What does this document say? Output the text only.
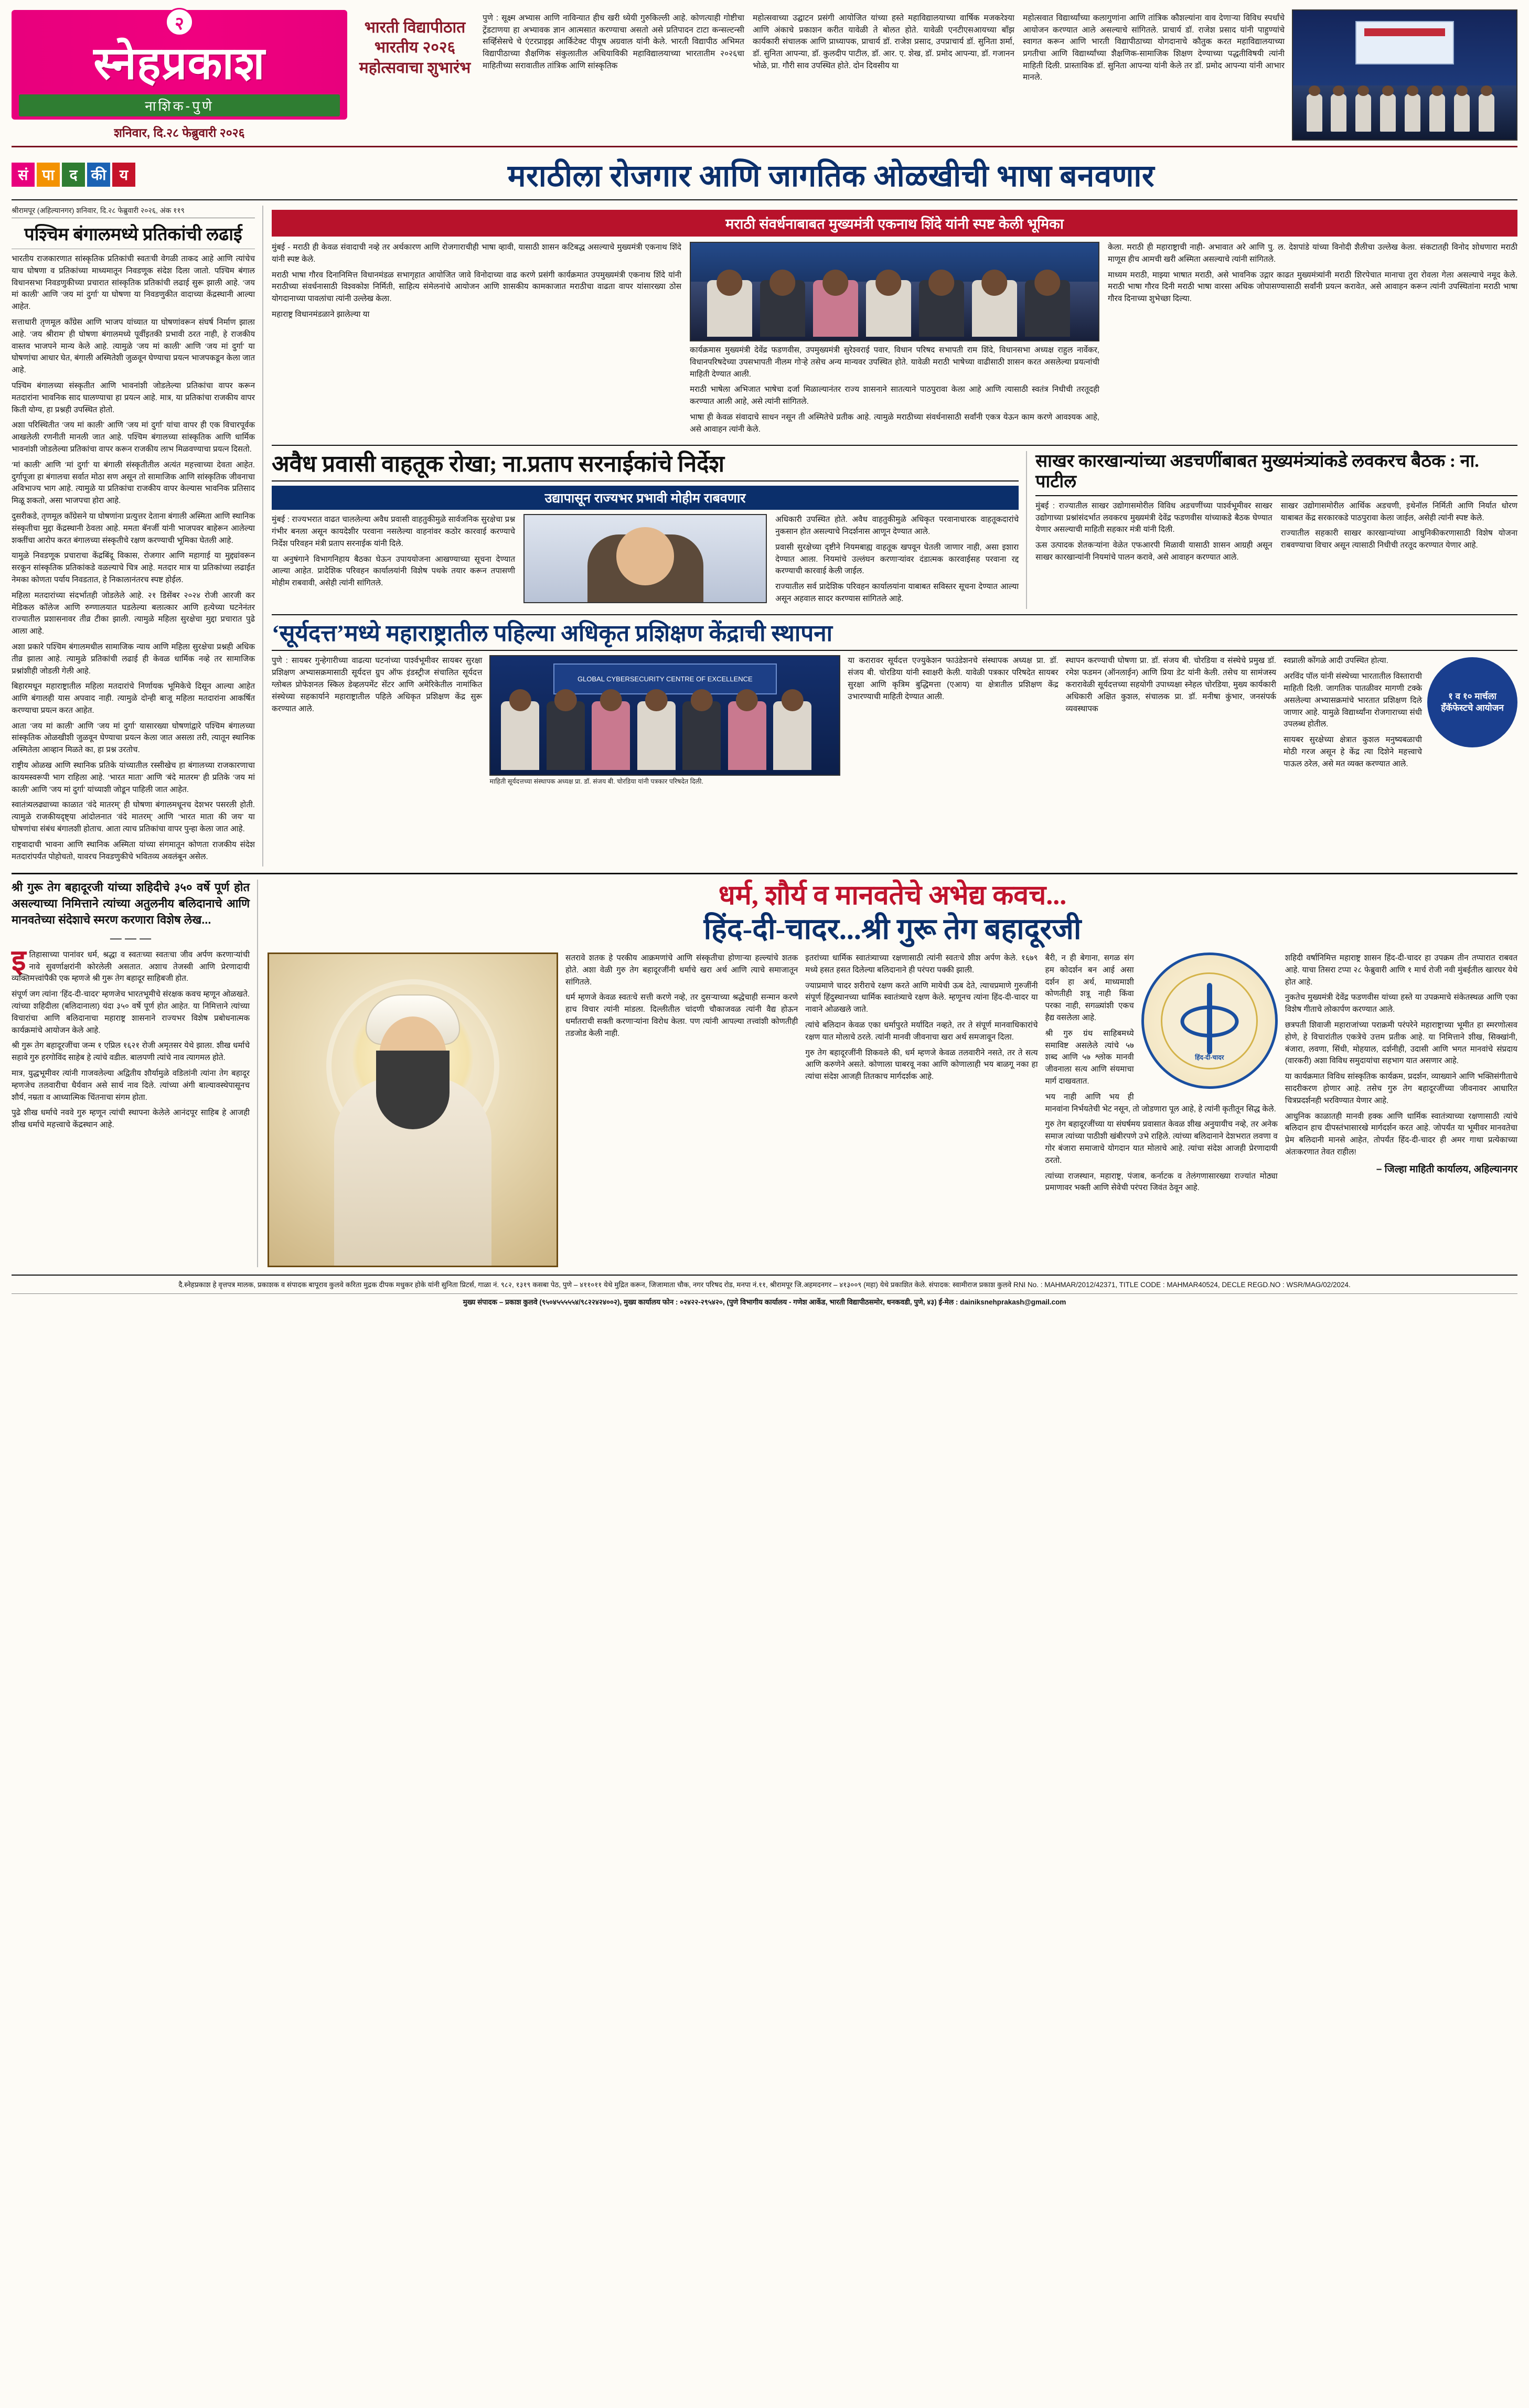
२
स्नेहप्रकाश
नाशिक-पुणे
शनिवार, दि.२८ फेब्रुवारी २०२६
भारती विद्यापीठात भारतीय २०२६ महोत्सवाचा शुभारंभ
पुणे : सूक्ष्म अभ्यास आणि नाविन्यात हीच खरी ध्येयी गुरुकिल्ली आहे. कोणत्याही गोष्टीचा ट्रेंडटाणया हा अभ्यावक ज्ञान आत्मसात करण्याचा असतो असे प्रतिपादन टाटा कन्सल्टन्सी सर्व्हिसेसचे चे एंटरप्राइझ आर्किटेक्ट पीयूष अग्रवाल यांनी केले. भारती विद्यापीठ अभिमत विद्यापीठाच्या शैक्षणिक संकुलातील अधियाविकी महाविद्यालयाच्या भारतातीम २०२६चा माहितीच्या सरावातील तांत्रिक आणि सांस्कृतिक
महोत्सवाच्या उद्घाटन प्रसंगी आयोजित यांच्या हस्ते महाविद्यालयाच्या वार्षिक मजकरेश्या आणि अंकाचे प्रकाशन करीत यावेळी ते बोलत होते. यावेळी एनटीएसआयच्या बाँझ कार्यकारी संचालक आणि प्राध्यापक, प्राचार्य डॉ. राजेश प्रसाद, उपप्राचार्य डॉ. सुनिता शर्मा, डॉ. सुनिता आपन्या, डॉ. कुलदीप पाटील, डॉ. आर. ए. शेख, डॉ. प्रमोद आपन्या, डॉ. गजानन भोळे, प्रा. गौरी साव उपस्थित होते. दोन दिवसीय या
महोत्सवात विद्यार्थ्यांच्या कलागुणांना आणि तांत्रिक कौशल्यांना वाव देणाऱ्या विविध स्पर्धांचे आयोजन करण्यात आले असल्याचे सांगितले. प्राचार्य डॉ. राजेश प्रसाद यांनी पाहुण्यांचे स्वागत करून आणि भारती विद्यापीठाच्या योगदानाचे कौतुक करत महाविद्यालयाच्या प्रगतीचा आणि विद्यार्थ्यांच्या शैक्षणिक-सामाजिक शिक्षण देण्याच्या पद्धतीविषयी त्यांनी माहिती दिली. प्रास्ताविक डॉ. सुनिता आपन्या यांनी केले तर डॉ. प्रमोद आपन्या यांनी आभार मानले.
सं पा	द की य	मराठीला रोजगार आणि जागतिक ओळखीची भाषा बनवणार
श्रीरामपूर (अहिल्यानगर) शनिवार, दि.२८ फेब्रुवारी २०२६, अंक ११९
पश्चिम बंगालमध्ये प्रतिकांची लढाई

भारतीय राजकारणात सांस्कृतिक प्रतिकांची स्वतःची वेगळी ताकद आहे आणि त्यांचेच याच घोषणा व प्रतिकांच्या माध्यमातून निवडणूक संदेश दिला जातो. पश्चिम बंगाल विधानसभा निवडणुकीच्या प्रचारात सांस्कृतिक प्रतिकांची लढाई सुरू झाली आहे. ‘जय मां काली’ आणि ‘जय मां दुर्गा’ या घोषणा या निवडणुकीत वादाच्या केंद्रस्थानी आल्या आहेत.

सत्ताधारी तृणमूल काँग्रेस आणि भाजप यांच्यात या घोषणांवरून संघर्ष निर्माण झाला आहे. ‘जय श्रीराम’ ही घोषणा बंगालमध्ये पूर्वीइतकी प्रभावी ठरत नाही, हे राजकीय वास्तव भाजपने मान्य केले आहे. त्यामुळे ‘जय मां काली’ आणि ‘जय मां दुर्गा’ या घोषणांचा आधार घेत, बंगाली अस्मितेशी जुळवून घेण्याचा प्रयत्न भाजपकडून केला जात आहे.

पश्चिम बंगालच्या संस्कृतीत आणि भावनांशी जोडलेल्या प्रतिकांचा वापर करून मतदारांना भावनिक साद घालण्याचा हा प्रयत्न आहे. मात्र, या प्रतिकांचा राजकीय वापर किती योग्य, हा प्रश्नही उपस्थित होतो.

अशा परिस्थितीत ‘जय मां काली’ आणि ‘जय मां दुर्गा’ यांचा वापर ही एक विचारपूर्वक आखलेली रणनीती मानली जात आहे. पश्चिम बंगालच्या सांस्कृतिक आणि धार्मिक भावनांशी जोडलेल्या प्रतिकांचा वापर करून राजकीय लाभ मिळवण्याचा प्रयत्न दिसतो.

‘मां काली’ आणि ‘मां दुर्गा’ या बंगाली संस्कृतीतील अत्यंत महत्त्वाच्या देवता आहेत. दुर्गापूजा हा बंगालचा सर्वात मोठा सण असून तो सामाजिक आणि सांस्कृतिक जीवनाचा अविभाज्य भाग आहे. त्यामुळे या प्रतिकांचा राजकीय वापर केल्यास भावनिक प्रतिसाद मिळू शकतो, असा भाजपचा होरा आहे.

दुसरीकडे, तृणमूल काँग्रेसने या घोषणांना प्रत्युत्तर देताना बंगाली अस्मिता आणि स्थानिक संस्कृतीचा मुद्दा केंद्रस्थानी ठेवला आहे. ममता बॅनर्जी यांनी भाजपवर बाहेरून आलेल्या शक्तींचा आरोप करत बंगालच्या संस्कृतीचे रक्षण करण्याची भूमिका घेतली आहे.

यामुळे निवडणूक प्रचाराचा केंद्रबिंदू विकास, रोजगार आणि महागाई या मुद्द्यांवरून सरकून सांस्कृतिक प्रतिकांकडे वळल्याचे चित्र आहे. मतदार मात्र या प्रतिकांच्या लढाईत नेमका कोणता पर्याय निवडतात, हे निकालानंतरच स्पष्ट होईल.

महिला मतदारांच्या संदर्भातही जोडलेले आहे. २१ डिसेंबर २०२४ रोजी आरजी कर मेडिकल कॉलेज आणि रुग्णालयात घडलेल्या बलात्कार आणि हत्येच्या घटनेनंतर राज्यातील प्रशासनावर तीव्र टीका झाली. त्यामुळे महिला सुरक्षेचा मुद्दा प्रचारात पुढे आला आहे.

अशा प्रकारे पश्चिम बंगालमधील सामाजिक न्याय आणि महिला सुरक्षेचा प्रश्नही अधिक तीव्र झाला आहे. त्यामुळे प्रतिकांची लढाई ही केवळ धार्मिक नव्हे तर सामाजिक प्रश्नांशीही जोडली गेली आहे.

बिहारमधून महाराष्ट्रातील महिला मतदारांचे निर्णायक भूमिकेचे दिसून आल्या आहेत आणि बंगालही यास अपवाद नाही. त्यामुळे दोन्ही बाजू महिला मतदारांना आकर्षित करण्याचा प्रयत्न करत आहेत.

आता ‘जय मां काली’ आणि ‘जय मां दुर्गा’ यासारख्या घोषणांद्वारे पश्चिम बंगालच्या सांस्कृतिक ओळखीशी जुळवून घेण्याचा प्रयत्न केला जात असला तरी, त्यातून स्थानिक अस्मितेला आव्हान मिळते का, हा प्रश्न उरतोच.

राष्ट्रीय ओळख आणि स्थानिक प्रतिके यांच्यातील रस्सीखेच हा बंगालच्या राजकारणाचा कायमस्वरूपी भाग राहिला आहे. ‘भारत माता’ आणि ‘बंदे मातरम’ ही प्रतिके ‘जय मां काली’ आणि ‘जय मां दुर्गा’ यांच्याशी जोडून पाहिली जात आहेत.

स्वातंत्र्यलढ्याच्या काळात ‘वंदे मातरम्’ ही घोषणा बंगालमधूनच देशभर पसरली होती. त्यामुळे राजकीयदृष्ट्या आंदोलनात ‘वंदे मातरम्’ आणि ‘भारत माता की जय’ या घोषणांचा संबंध बंगालशी होताच. आता त्याच प्रतिकांचा वापर पुन्हा केला जात आहे.

राष्ट्रवादाची भावना आणि स्थानिक अस्मिता यांच्या संगमातून कोणता राजकीय संदेश मतदारांपर्यंत पोहोचतो, यावरच निवडणुकीचे भवितव्य अवलंबून असेल.

मराठी संवर्धनाबाबत मुख्यमंत्री एकनाथ शिंदे यांनी स्पष्ट केली भूमिका

मुंबई - मराठी ही केवळ संवादाची नव्हे तर अर्थकारण आणि रोजगाराचीही भाषा व्हावी, यासाठी शासन कटिबद्ध असल्याचे मुख्यमंत्री एकनाथ शिंदे यांनी स्पष्ट केले.

मराठी भाषा गौरव दिनानिमित्त विधानमंडळ सभागृहात आयोजित जावे विनोदाच्या वाढ करणे प्रसंगी कार्यक्रमात उपमुख्यमंत्री एकनाथ शिंदे यांनी मराठीच्या संवर्धनासाठी विश्वकोश निर्मिती, साहित्य संमेलनांचे आयोजन आणि शासकीय कामकाजात मराठीचा वाढता वापर यांसारख्या ठोस योगदानाच्या पावलांचा त्यांनी उल्लेख केला.

महाराष्ट्र विधानमंडळाने झालेल्या या

कार्यक्रमास मुख्यमंत्री देवेंद्र फडणवीस, उपमुख्यमंत्री सुरेश्वराई पवार, विधान परिषद सभापती राम शिंदे, विधानसभा अध्यक्ष राहुल नार्वेकर, विधानपरिषदेच्या उपसभापती नीलम गोऱ्हे तसेच अन्य मान्यवर उपस्थित होते. यावेळी मराठी भाषेच्या वाढीसाठी शासन करत असलेल्या प्रयत्नांची माहिती देण्यात आली.

मराठी भाषेला अभिजात भाषेचा दर्जा मिळाल्यानंतर राज्य शासनाने सातत्याने पाठपुरावा केला आहे आणि त्यासाठी स्वतंत्र निधीची तरतूदही करण्यात आली आहे, असे त्यांनी सांगितले.

भाषा ही केवळ संवादाचे साधन नसून ती अस्मितेचे प्रतीक आहे. त्यामुळे मराठीच्या संवर्धनासाठी सर्वांनी एकत्र येऊन काम करणे आवश्यक आहे, असे आवाहन त्यांनी केले.

केला. मराठी ही महाराष्ट्राची नाही- अभावात अरे आणि पु. ल. देशपांडे यांच्या विनोदी शैलीचा उल्लेख केला. संकटातही विनोद शोधणारा मराठी माणूस हीच आमची खरी अस्मिता असल्याचे त्यांनी सांगितले.

माध्यम मराठी, माझ्या भाषात मराठी, असे भावनिक उद्गार काढत मुख्यमंत्र्यांनी मराठी शिरपेचात मानाचा तुरा रोवला गेला असल्याचे नमूद केले. मराठी भाषा गौरव दिनी मराठी भाषा वारसा अधिक जोपासण्यासाठी सर्वांनी प्रयत्न करावेत, असे आवाहन करून त्यांनी उपस्थितांना मराठी भाषा गौरव दिनाच्या शुभेच्छा दिल्या.

अवैध प्रवासी वाहतूक रोखा; ना.प्रताप सरनाईकांचे निर्देश
उद्यापासून राज्यभर प्रभावी मोहीम राबवणार

मुंबई : राज्यभरात वाढत चाललेल्या अवैध प्रवासी वाहतुकीमुळे सार्वजनिक सुरक्षेचा प्रश्न गंभीर बनला असून कायदेशीर परवाना नसलेल्या वाहनांवर कठोर कारवाई करण्याचे निर्देश परिवहन मंत्री प्रताप सरनाईक यांनी दिले.

या अनुषंगाने विभागनिहाय बैठका घेऊन उपाययोजना आखण्याच्या सूचना देण्यात आल्या आहेत. प्रादेशिक परिवहन कार्यालयांनी विशेष पथके तयार करून तपासणी मोहीम राबवावी, असेही त्यांनी सांगितले.

अधिकारी उपस्थित होते. अवैध वाहतुकीमुळे अधिकृत परवानाधारक वाहतूकदारांचे नुकसान होत असल्याचे निदर्शनास आणून देण्यात आले.

प्रवासी सुरक्षेच्या दृष्टीने नियमबाह्य वाहतूक खपवून घेतली जाणार नाही, असा इशारा देण्यात आला. नियमांचे उल्लंघन करणाऱ्यांवर दंडात्मक कारवाईसह परवाना रद्द करण्याची कारवाई केली जाईल.

राज्यातील सर्व प्रादेशिक परिवहन कार्यालयांना याबाबत सविस्तर सूचना देण्यात आल्या असून अहवाल सादर करण्यास सांगितले आहे.

साखर कारखान्यांच्या अडचणींबाबत मुख्यमंत्र्यांकडे लवकरच बैठक : ना. पाटील

मुंबई : राज्यातील साखर उद्योगासमोरील विविध अडचणींच्या पार्श्वभूमीवर साखर उद्योगाच्या प्रश्नांसंदर्भात लवकरच मुख्यमंत्री देवेंद्र फडणवीस यांच्याकडे बैठक घेण्यात येणार असल्याची माहिती सहकार मंत्री यांनी दिली.

ऊस उत्पादक शेतकऱ्यांना वेळेत एफआरपी मिळावी यासाठी शासन आग्रही असून साखर कारखान्यांनी नियमांचे पालन करावे, असे आवाहन करण्यात आले.

साखर उद्योगासमोरील आर्थिक अडचणी, इथेनॉल निर्मिती आणि निर्यात धोरण याबाबत केंद्र सरकारकडे पाठपुरावा केला जाईल, असेही त्यांनी स्पष्ट केले.

राज्यातील सहकारी साखर कारखान्यांच्या आधुनिकीकरणासाठी विशेष योजना राबवण्याचा विचार असून त्यासाठी निधीची तरतूद करण्यात येणार आहे.

‘सूर्यदत्त’मध्ये महाराष्ट्रातील पहिल्या अधिकृत प्रशिक्षण केंद्राची स्थापना

पुणे : सायबर गुन्हेगारीच्या वाढत्या घटनांच्या पार्श्वभूमीवर सायबर सुरक्षा प्रशिक्षण अभ्यासक्रमासाठी सूर्यदत्त ग्रुप ऑफ इंडस्ट्रीज संचालित सूर्यदत्त ग्लोबल प्रोफेशनल स्किल डेव्हलपमेंट सेंटर आणि अमेरिकेतील नामांकित संस्थेच्या सहकार्याने महाराष्ट्रातील पहिले अधिकृत प्रशिक्षण केंद्र सुरू करण्यात आले.

GLOBAL CYBERSECURITY CENTRE OF EXCELLENCE
माहिती सूर्यदत्तच्या संस्थापक अध्यक्ष प्रा. डॉ. संजय बी. चोरडिया यांनी पत्रकार परिषदेत दिली.

या करारावर सूर्यदत्त एज्युकेशन फाउंडेशनचे संस्थापक अध्यक्ष प्रा. डॉ. संजय बी. चोरडिया यांनी स्वाक्षरी केली. यावेळी पत्रकार परिषदेत सायबर सुरक्षा आणि कृत्रिम बुद्धिमत्ता (एआय) या क्षेत्रातील प्रशिक्षण केंद्र उभारण्याची माहिती देण्यात आली.

स्थापन करण्याची घोषणा प्रा. डॉ. संजय बी. चोरडिया व संस्थेचे प्रमुख डॉ. रमेश फडमन (ऑनलाईन) आणि प्रिया डेट यांनी केली. तसेच या सामंजस्य करारावेळी सूर्यदत्तच्या सहयोगी उपाध्यक्षा स्नेहल चोरडिया, मुख्य कार्यकारी अधिकारी अक्षित कुशल, संचालक प्रा. डॉ. मनीषा कुंभार, जनसंपर्क व्यवस्थापक

१ व १० मार्चला हँकॅफेस्टचे आयोजन

स्वप्नाली कोंगळे आदी उपस्थित होत्या.

अरविंद पॉल यांनी संस्थेच्या भारतातील विस्ताराची माहिती दिली. जागतिक पातळीवर मागणी टक्के असलेल्या अभ्यासक्रमांचे भारतात प्रशिक्षण दिले जाणार आहे. यामुळे विद्यार्थ्यांना रोजगाराच्या संधी उपलब्ध होतील.

सायबर सुरक्षेच्या क्षेत्रात कुशल मनुष्यबळाची मोठी गरज असून हे केंद्र त्या दिशेने महत्त्वाचे पाऊल ठरेल, असे मत व्यक्त करण्यात आले.

श्री गुरू तेग बहादूरजी यांच्या शहिदीचे ३५० वर्षे पूर्ण होत असल्याच्या निमित्ताने त्यांच्या अतुलनीय बलिदानाचे आणि मानवतेच्या संदेशाचे स्मरण करणारा विशेष लेख...
— — —

इतिहासाच्या पानांवर धर्म, श्रद्धा व स्वतःच्या स्वतःचा जीव अर्पण करणाऱ्यांची नावे सुवर्णाक्षरांनी कोरलेली असतात. अशाच तेजस्वी आणि प्रेरणादायी व्यक्तिमत्त्वांपैकी एक म्हणजे श्री गुरू तेग बहादूर साहिबजी होत.

संपूर्ण जग त्यांना ‘हिंद-दी-चादर’ म्हणजेच भारतभूमीचे संरक्षक कवच म्हणून ओळखते. त्यांच्या शहिदीला (बलिदानाला) यंदा ३५० वर्षे पूर्ण होत आहेत. या निमित्ताने त्यांच्या विचारांचा आणि बलिदानाचा महाराष्ट्र शासनाने राज्यभर विशेष प्रबोधनात्मक कार्यक्रमांचे आयोजन केले आहे.

श्री गुरू तेग बहादूरजींचा जन्म १ एप्रिल १६२१ रोजी अमृतसर येथे झाला. शीख धर्माचे सहावे गुरु हरगोविंद साहेब हे त्यांचे वडील. बालपणी त्यांचे नाव त्यागमल होते.

मात्र, युद्धभूमीवर त्यांनी गाजवलेल्या अद्वितीय शौर्यामुळे वडिलांनी त्यांना तेग बहादूर म्हणजेच तलवारीचा धैर्यवान असे सार्थ नाव दिले. त्यांच्या अंगी बाल्यावस्थेपासूनच शौर्य, नम्रता व आध्यात्मिक चिंतनाचा संगम होता.

पुढे शीख धर्माचे नववे गुरु म्हणून त्यांची स्थापना केलेले आनंदपूर साहिब हे आजही शीख धर्माचे महत्त्वाचे केंद्रस्थान आहे.

धर्म, शौर्य व मानवतेचे अभेद्य कवच...
हिंद-दी-चादर...श्री गुरू तेग बहादूरजी

सतरावे शतक हे परकीय आक्रमणांचे आणि संस्कृतीचा होणाऱ्या हल्ल्यांचे शतक होते. अशा वेळी गुरु तेग बहादूरजींनी धर्माचे खरा अर्थ आणि त्याचे समाजातून सांगितले.

धर्म म्हणजे केवळ स्वतःचे सत्ती करणे नव्हे, तर दुसऱ्याच्या श्रद्धेचाही सन्मान करणे हाच विचार त्यांनी मांडला. दिल्लीतील चांदणी चौकाजवळ त्यांनी वैद्य होऊन धर्मांतराची सक्ती करणाऱ्यांना विरोध केला. पण त्यांनी आपल्या तत्त्वांशी कोणतीही तडजोड केली नाही.

इतरांच्या धार्मिक स्वातंत्र्याच्या रक्षणासाठी त्यांनी स्वतःचे शीश अर्पण केले. १६७९ मध्ये हसत हसत दिलेल्या बलिदानाने ही परंपरा पक्की झाली.

ज्याप्रमाणे चादर शरीराचे रक्षण करते आणि मायेची ऊब देते, त्याचप्रमाणे गुरुजींनी संपूर्ण हिंदुस्थानच्या धार्मिक स्वातंत्र्याचे रक्षण केले. म्हणूनच त्यांना हिंद-दी-चादर या नावाने ओळखले जाते.

त्यांचे बलिदान केवळ एका धर्मापुरते मर्यादित नव्हते, तर ते संपूर्ण मानवाधिकारांचे रक्षण यात मोलाचे ठरले. त्यांनी मानवी जीवनाचा खरा अर्थ समजावून दिला.

गुरु तेग बहादूरजींनी शिकवले की, धर्म म्हणजे केवळ तलवारीने नसते, तर ते सत्य आणि करुणेने असते. कोणाला घाबरवू नका आणि कोणालाही भय बाळगू नका हा त्यांचा संदेश आजही तितकाच मार्गदर्शक आहे.

हिंद-दी-चादर

बैरी, न ही बेगाना, सगळ संग हम कोदर्शन बन आई असा दर्शन हा अर्थ, माध्यमाशी कोणतीही शत्रू नाही किंवा परका नाही, सगळ्यांशी एकच हैद्य वसलेला आहे.

श्री गुरु ग्रंथ साहिबमध्ये समाविष्ट असलेले त्यांचे ५७ शब्द आणि ५७ श्लोक मानवी जीवनाला सत्य आणि संयमाचा मार्ग दाखवतात.

भय नाही आणि भय ही मानवांना निर्भयतेची भेट नसून, तो जोडणारा पूल आहे, हे त्यांनी कृतीतून सिद्ध केले.

गुरु तेग बहादूरजींच्या या संघर्षमय प्रवासात केवळ शीख अनुयायीच नव्हे, तर अनेक समाज त्यांच्या पाठीशी खंबीरपणे उभे राहिले. त्यांच्या बलिदानाने देशभरात लवणा व गोर बंजारा समाजाचे योगदान यात मोलाचे आहे. त्यांचा संदेश आजही प्रेरणादायी ठरतो.

त्यांच्या राजस्थान, महाराष्ट्र, पंजाब, कर्नाटक व तेलंगणासारख्या राज्यांत मोठ्या प्रमाणावर भक्ती आणि सेवेची परंपरा जिवंत ठेवून आहे.

शहिदी वर्षानिमित्त महाराष्ट्र शासन हिंद-दी-चादर हा उपक्रम तीन तप्पारात राबवत आहे. याचा तिसरा टप्पा २८ फेब्रुवारी आणि १ मार्च रोजी नवी मुंबईतील खारघर येथे होत आहे.

नुकतेच मुख्यमंत्री देवेंद्र फडणवीस यांच्या हस्ते या उपक्रमाचे संकेतस्थळ आणि एका विशेष गीताचे लोकार्पण करण्यात आले.

छत्रपती शिवाजी महाराजांच्या पराक्रमी परंपरेने महाराष्ट्राच्या भूमीत हा स्मरणोत्सव होणे, हे विचारांतील एकत्रेचे उत्तम प्रतीक आहे. या निमित्ताने शीख, सिक्खांनी, बंजारा, लवणा, सिंधी, मोहयाल, दर्शनीही, उदासी आणि भगत मानवांचे संप्रदाय (वारकरी) अशा विविध समुदायांचा सहभाग यात असणार आहे.

या कार्यक्रमात विविध सांस्कृतिक कार्यक्रम, प्रदर्शन, व्याख्याने आणि भक्तिसंगीताचे सादरीकरण होणार आहे. तसेच गुरु तेग बहादूरजींच्या जीवनावर आधारित चित्रप्रदर्शनही भरविण्यात येणार आहे.

आधुनिक काळातही मानवी हक्क आणि धार्मिक स्वातंत्र्याच्या रक्षणासाठी त्यांचे बलिदान हाच दीपस्तंभासारखे मार्गदर्शन करत आहे. जोपर्यंत या भूमीवर मानवतेचा प्रेम बलिदानी मानसे आहेत, तोपर्यंत हिंद-दी-चादर ही अमर गाथा प्रत्येकाच्या अंतःकरणात तेवत राहील!

– जिल्हा माहिती कार्यालय, अहिल्यानगर
दै.स्नेहप्रकाश हे वृत्तपत्र मालक, प्रकाशक व संपादक बापूराव कुलवे करिता मुद्रक दीपक मधुकर होके यांनी सुनिता प्रिटर्स, गाळा नं. ९८२, १३१९ कसबा पेठ, पुणे – ४११०११ येथे मुद्रित करून, जिजामाता चौक, नगर परिषद रोड, मनपा नं.११, श्रीरामपूर जि.अहमदनगर – ४१३००९ (महा) येथे प्रकाशित केले. संपादक: स्वामीराज प्रकाश कुलवे RNI No. : MAHMAR/2012/42371, TITLE CODE : MAHMAR40524, DECLE REGD.NO : WSR/MAG/02/2024.
मुख्य संपादक – प्रकाश कुलवे (९५०४५५५५५४/९८२२४२४००२), मुख्य कार्यालय फोन : ०२४२२-२९५४२०, (पुणे विभागीय कार्यालय - गणेश आर्केड, भारती विद्यापीठसमोर, धनकवडी, पुणे, ४३) ई-मेल : dainiksnehprakash@gmail.com
